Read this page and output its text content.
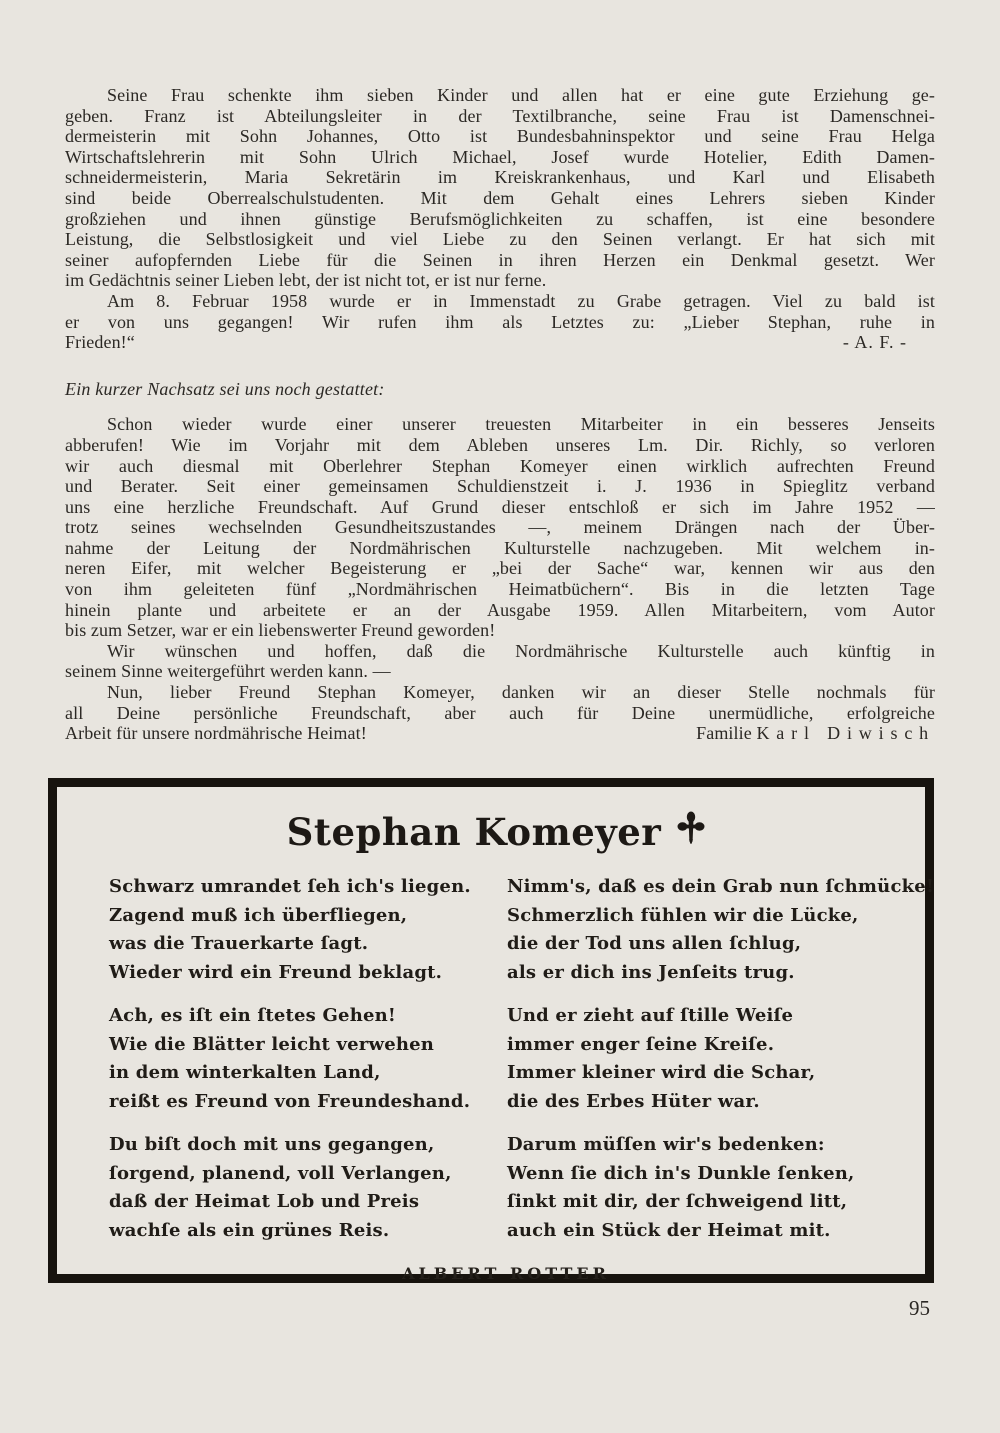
Seine Frau schenkte ihm sieben Kinder und allen hat er eine gute Erziehung ge-
geben. Franz ist Abteilungsleiter in der Textilbranche, seine Frau ist Damenschnei-
dermeisterin mit Sohn Johannes, Otto ist Bundesbahninspektor und seine Frau Helga
Wirtschaftslehrerin mit Sohn Ulrich Michael, Josef wurde Hotelier, Edith Damen-
schneidermeisterin, Maria Sekretärin im Kreiskrankenhaus, und Karl und Elisabeth
sind beide Oberrealschulstudenten. Mit dem Gehalt eines Lehrers sieben Kinder
großziehen und ihnen günstige Berufsmöglichkeiten zu schaffen, ist eine besondere
Leistung, die Selbstlosigkeit und viel Liebe zu den Seinen verlangt. Er hat sich mit
seiner aufopfernden Liebe für die Seinen in ihren Herzen ein Denkmal gesetzt. Wer
im Gedächtnis seiner Lieben lebt, der ist nicht tot, er ist nur ferne.
Am 8. Februar 1958 wurde er in Immenstadt zu Grabe getragen. Viel zu bald ist
er von uns gegangen! Wir rufen ihm als Letztes zu: „Lieber Stephan, ruhe in
Frieden!“	- A. F. -
Ein kurzer Nachsatz sei uns noch gestattet:
Schon wieder wurde einer unserer treuesten Mitarbeiter in ein besseres Jenseits
abberufen! Wie im Vorjahr mit dem Ableben unseres Lm. Dir. Richly, so verloren
wir auch diesmal mit Oberlehrer Stephan Komeyer einen wirklich aufrechten Freund
und Berater. Seit einer gemeinsamen Schuldienstzeit i. J. 1936 in Spieglitz verband
uns eine herzliche Freundschaft. Auf Grund dieser entschloß er sich im Jahre 1952 —
trotz seines wechselnden Gesundheitszustandes —, meinem Drängen nach der Über-
nahme der Leitung der Nordmährischen Kulturstelle nachzugeben. Mit welchem in-
neren Eifer, mit welcher Begeisterung er „bei der Sache“ war, kennen wir aus den
von ihm geleiteten fünf „Nordmährischen Heimatbüchern“. Bis in die letzten Tage
hinein plante und arbeitete er an der Ausgabe 1959. Allen Mitarbeitern, vom Autor
bis zum Setzer, war er ein liebenswerter Freund geworden!
Wir wünschen und hoffen, daß die Nordmährische Kulturstelle auch künftig in
seinem Sinne weitergeführt werden kann. —
Nun, lieber Freund Stephan Komeyer, danken wir an dieser Stelle nochmals für
all Deine persönliche Freundschaft, aber auch für Deine unermüdliche, erfolgreiche
Arbeit für unsere nordmährische Heimat!	Familie Karl Diwisch
Stephan Komeyer
Schwarz umrandet ſeh ich's liegen.
Zagend muß ich überfliegen,
was die Trauerkarte ſagt.
Wieder wird ein Freund beklagt.
Ach, es iſt ein ſtetes Gehen!
Wie die Blätter leicht verwehen
in dem winterkalten Land,
reißt es Freund von Freundeshand.
Du biſt doch mit uns gegangen,
ſorgend, planend, voll Verlangen,
daß der Heimat Lob und Preis
wachſe als ein grünes Reis.
Nimm's, daß es dein Grab nun ſchmücke!
Schmerzlich fühlen wir die Lücke,
die der Tod uns allen ſchlug,
als er dich ins Jenſeits trug.
Und er zieht auf ſtille Weiſe
immer enger ſeine Kreiſe.
Immer kleiner wird die Schar,
die des Erbes Hüter war.
Darum müſſen wir's bedenken:
Wenn ſie dich in's Dunkle ſenken,
ſinkt mit dir, der ſchweigend litt,
auch ein Stück der Heimat mit.
ALBERT ROTTER
95
